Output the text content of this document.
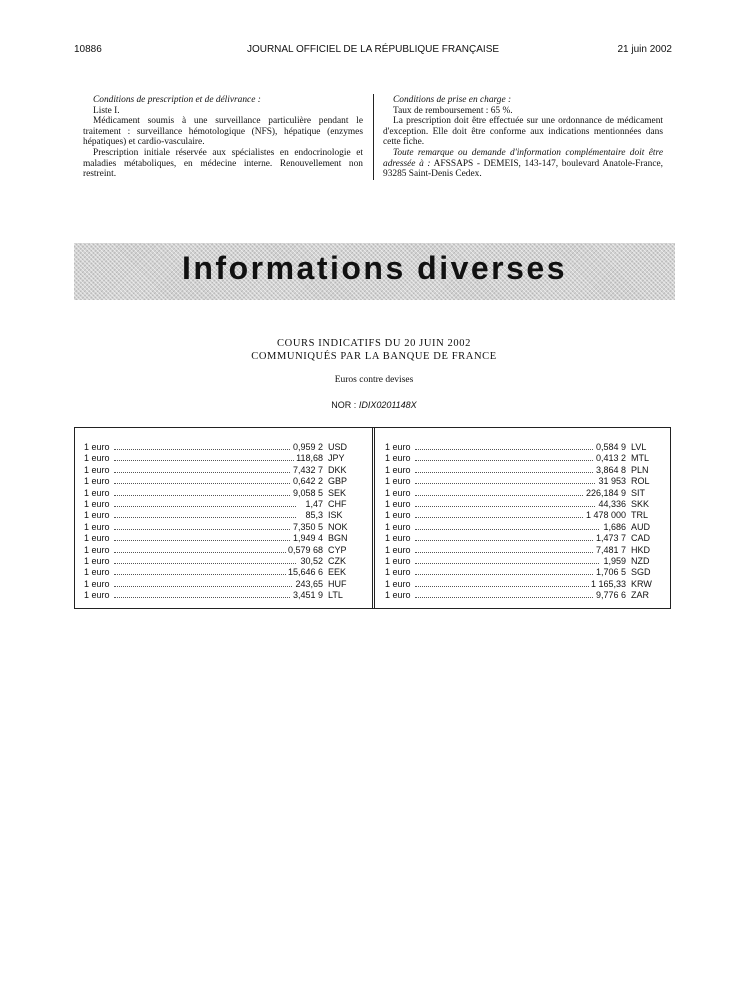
10886	JOURNAL OFFICIEL DE LA RÉPUBLIQUE FRANÇAISE	21 juin 2002

Conditions de prescription et de délivrance :

Liste I.

Médicament soumis à une surveillance particulière pendant le traitement : surveillance hémotologique (NFS), hépatique (enzymes hépatiques) et cardio-vasculaire.

Prescription initiale réservée aux spécialistes en endocrinologie et maladies métaboliques, en médecine interne. Renouvellement non restreint.

Conditions de prise en charge :

Taux de remboursement : 65 %.

La prescription doit être effectuée sur une ordonnance de médicament d'exception. Elle doit être conforme aux indications mentionnées dans cette fiche.

Toute remarque ou demande d'information complémentaire doit être adressée à : AFSSAPS - DEMEIS, 143-147, boulevard Anatole-France, 93285 Saint-Denis Cedex.

Informations diverses
COURS INDICATIFS DU 20 JUIN 2002
COMMUNIQUÉS PAR LA BANQUE DE FRANCE
Euros contre devises
NOR : IDIX0201148X
1 euro	0,959 2 USD
1 euro	118,68 JPY
1 euro	7,432 7 DKK
1 euro	0,642 2 GBP
1 euro	9,058 5 SEK
1 euro	1,47 CHF
1 euro	85,3 ISK
1 euro	7,350 5 NOK
1 euro	1,949 4 BGN
1 euro	0,579 68 CYP
1 euro	30,52 CZK
1 euro	15,646 6 EEK
1 euro	243,65 HUF
1 euro	3,451 9 LTL
1 euro	0,584 9 LVL
1 euro	0,413 2 MTL
1 euro	3,864 8 PLN
1 euro	31 953 ROL
1 euro	226,184 9 SIT
1 euro	44,336 SKK
1 euro	1 478 000 TRL
1 euro	1,686 AUD
1 euro	1,473 7 CAD
1 euro	7,481 7 HKD
1 euro	1,959 NZD
1 euro	1,706 5 SGD
1 euro	1 165,33 KRW
1 euro	9,776 6 ZAR
